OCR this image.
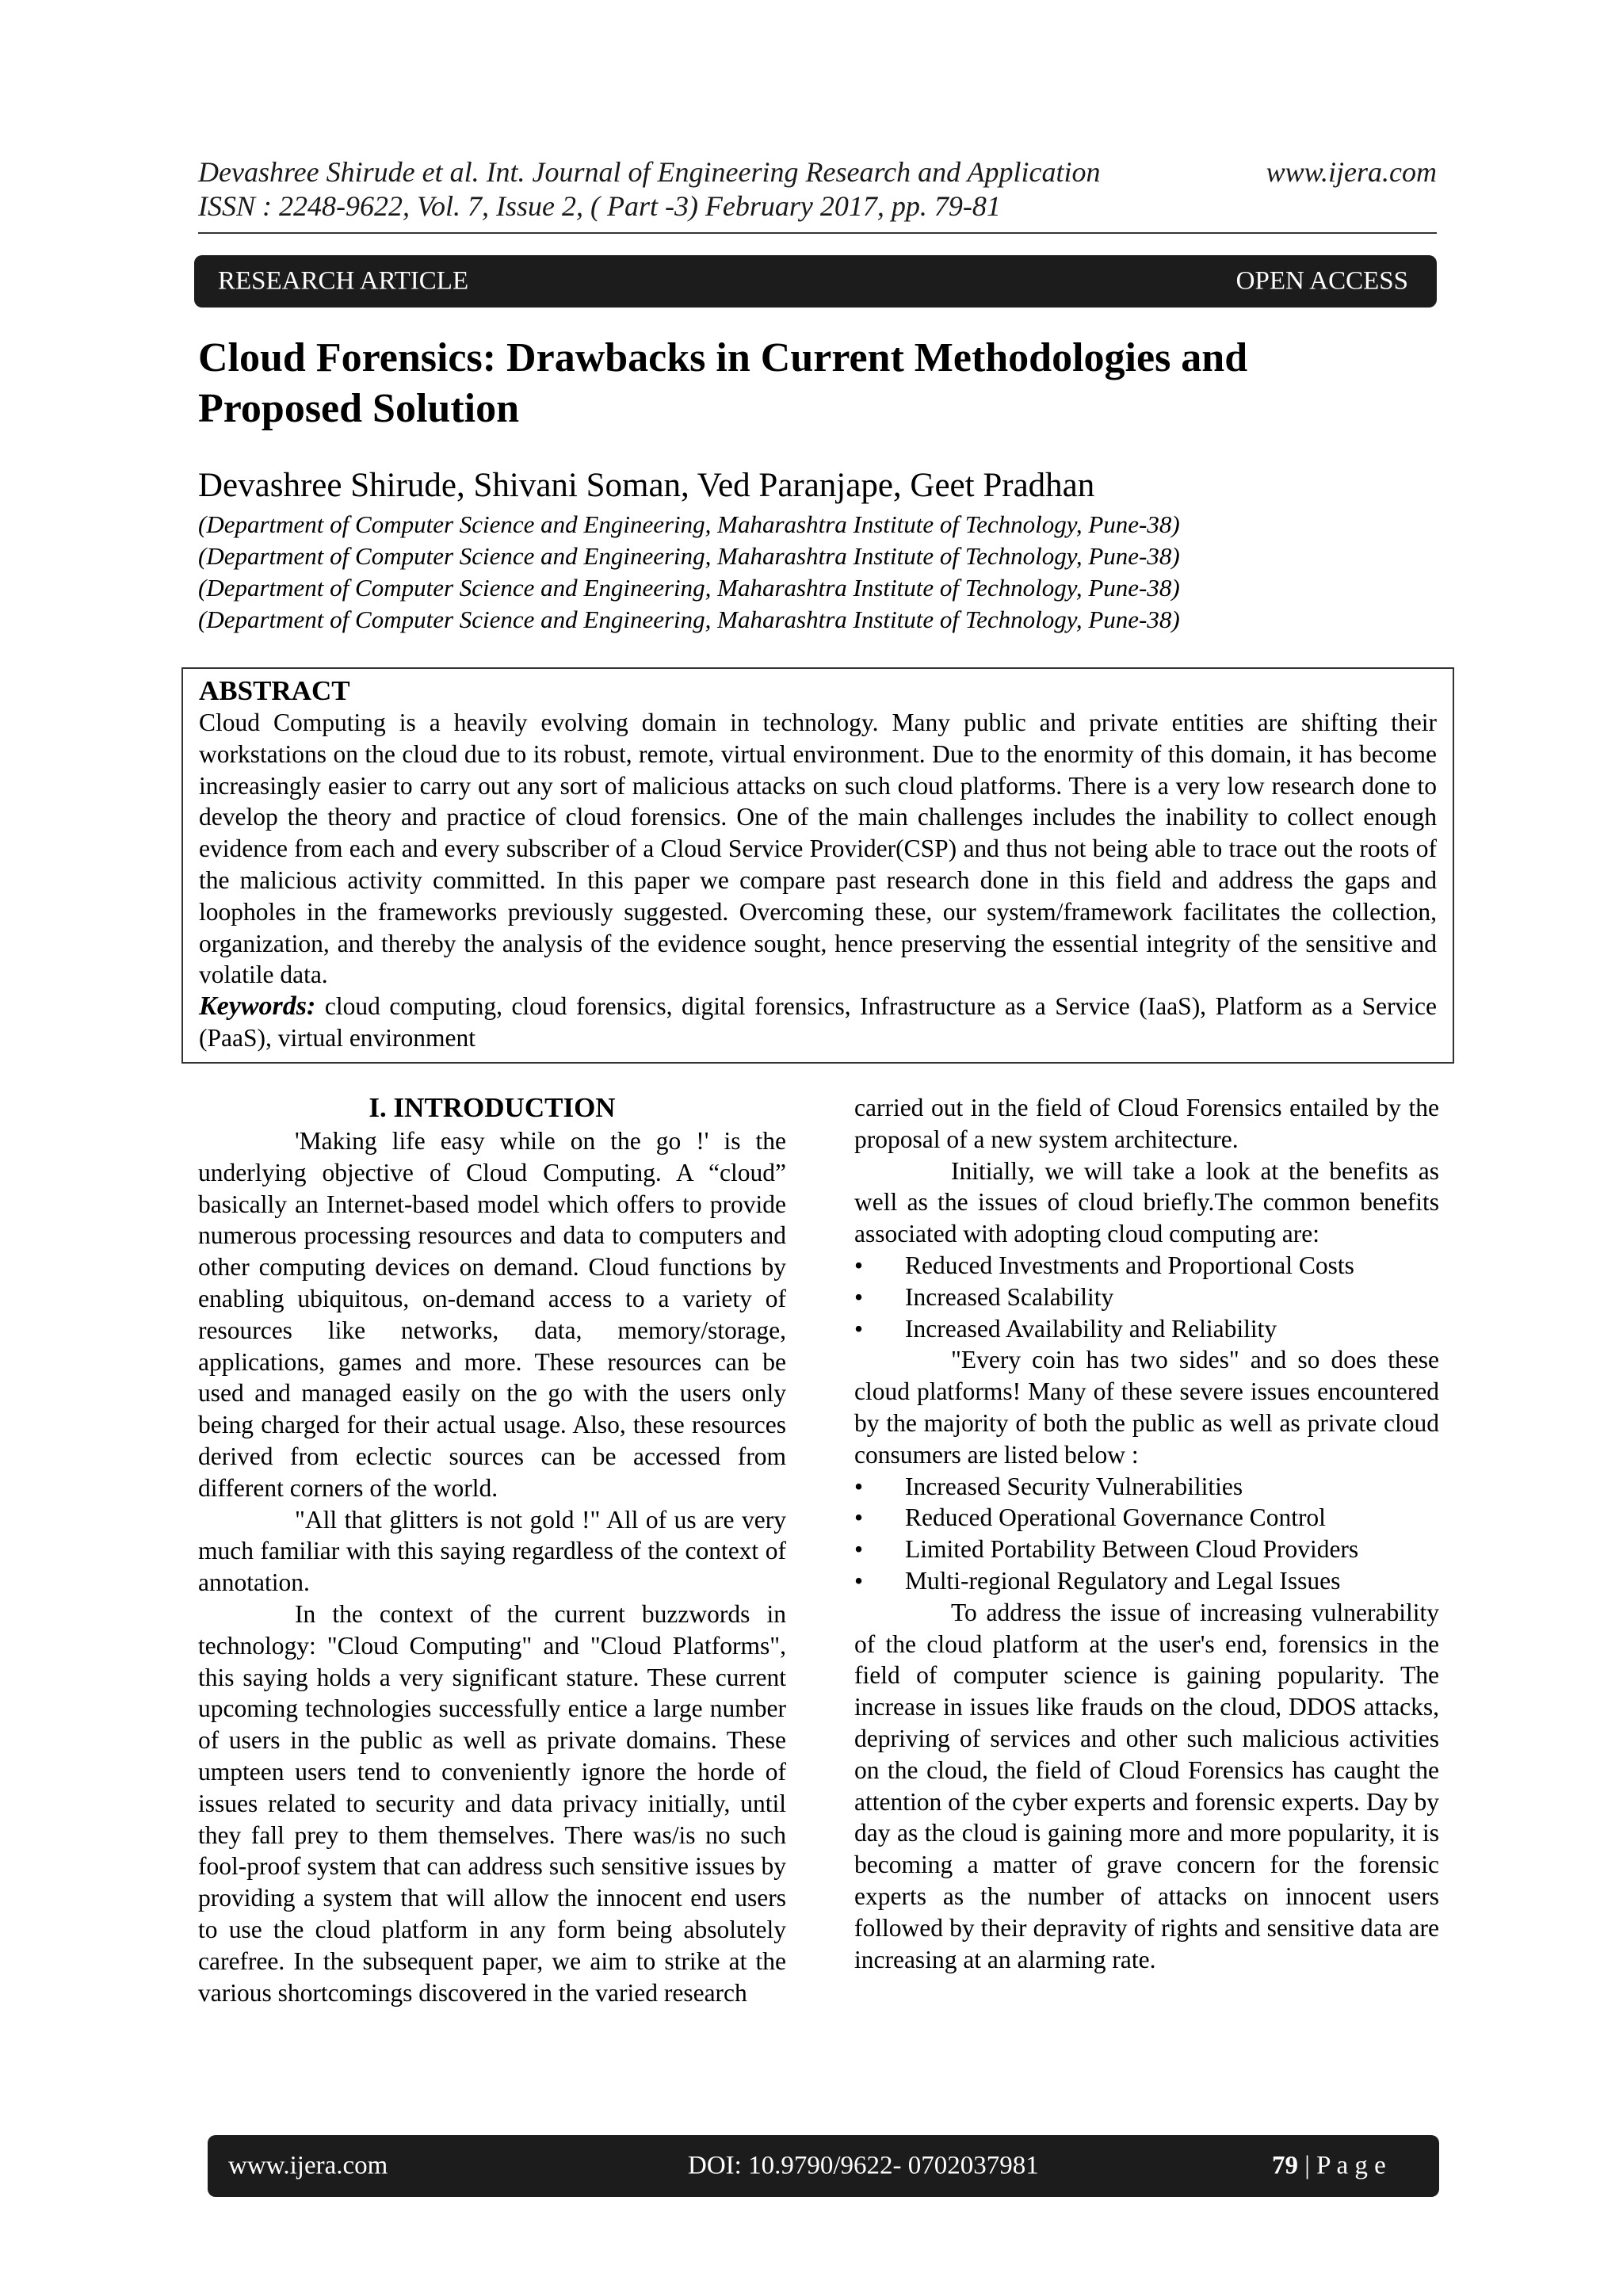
Devashree Shirude et al. Int. Journal of Engineering Research and Application	www.ijera.com
ISSN : 2248-9622, Vol. 7, Issue 2, ( Part -3) February 2017, pp. 79-81
RESEARCH ARTICLE	OPEN ACCESS
Cloud Forensics: Drawbacks in Current Methodologies and
Proposed Solution
Devashree Shirude, Shivani Soman, Ved Paranjape, Geet Pradhan
(Department of Computer Science and Engineering, Maharashtra Institute of Technology, Pune-38)
(Department of Computer Science and Engineering, Maharashtra Institute of Technology, Pune-38)
(Department of Computer Science and Engineering, Maharashtra Institute of Technology, Pune-38)
(Department of Computer Science and Engineering, Maharashtra Institute of Technology, Pune-38)
ABSTRACT

Cloud Computing is a heavily evolving domain in technology. Many public and private entities are shifting their workstations on the cloud due to its robust, remote, virtual environment. Due to the enormity of this domain, it has become increasingly easier to carry out any sort of malicious attacks on such cloud platforms. There is a very low research done to develop the theory and practice of cloud forensics. One of the main challenges includes the inability to collect enough evidence from each and every subscriber of a Cloud Service Provider(CSP) and thus not being able to trace out the roots of the malicious activity committed. In this paper we compare past research done in this field and address the gaps and loopholes in the frameworks previously suggested. Overcoming these, our system/framework facilitates the collection, organization, and thereby the analysis of the evidence sought, hence preserving the essential integrity of the sensitive and volatile data.

Keywords: cloud computing, cloud forensics, digital forensics, Infrastructure as a Service (IaaS), Platform as a Service (PaaS), virtual environment

I. INTRODUCTION

'Making life easy while on the go !' is the underlying objective of Cloud Computing. A “cloud” basically an Internet-based model which offers to provide numerous processing resources and data to computers and other computing devices on demand. Cloud functions by enabling ubiquitous, on-demand access to a variety of resources like networks, data, memory/storage, applications, games and more. These resources can be used and managed easily on the go with the users only being charged for their actual usage. Also, these resources derived from eclectic sources can be accessed from different corners of the world.

"All that glitters is not gold !" All of us are very much familiar with this saying regardless of the context of annotation.

In the context of the current buzzwords in technology: "Cloud Computing" and "Cloud Platforms", this saying holds a very significant stature. These current upcoming technologies successfully entice a large number of users in the public as well as private domains. These umpteen users tend to conveniently ignore the horde of issues related to security and data privacy initially, until they fall prey to them themselves. There was/is no such fool-proof system that can address such sensitive issues by providing a system that will allow the innocent end users to use the cloud platform in any form being absolutely carefree. In the subsequent paper, we aim to strike at the various shortcomings discovered in the varied research

carried out in the field of Cloud Forensics entailed by the proposal of a new system architecture.

Initially, we will take a look at the benefits as well as the issues of cloud briefly.The common benefits associated with adopting cloud computing are:

• Reduced Investments and Proportional Costs
• Increased Scalability
• Increased Availability and Reliability

"Every coin has two sides" and so does these cloud platforms! Many of these severe issues encountered by the majority of both the public as well as private cloud consumers are listed below :

• Increased Security Vulnerabilities
• Reduced Operational Governance Control
• Limited Portability Between Cloud Providers
• Multi-regional Regulatory and Legal Issues

To address the issue of increasing vulnerability of the cloud platform at the user's end, forensics in the field of computer science is gaining popularity. The increase in issues like frauds on the cloud, DDOS attacks, depriving of services and other such malicious activities on the cloud, the field of Cloud Forensics has caught the attention of the cyber experts and forensic experts. Day by day as the cloud is gaining more and more popularity, it is becoming a matter of grave concern for the forensic experts as the number of attacks on innocent users followed by their depravity of rights and sensitive data are increasing at an alarming rate.

www.ijera.com	DOI: 10.9790/9622- 0702037981	79 | P a g e
